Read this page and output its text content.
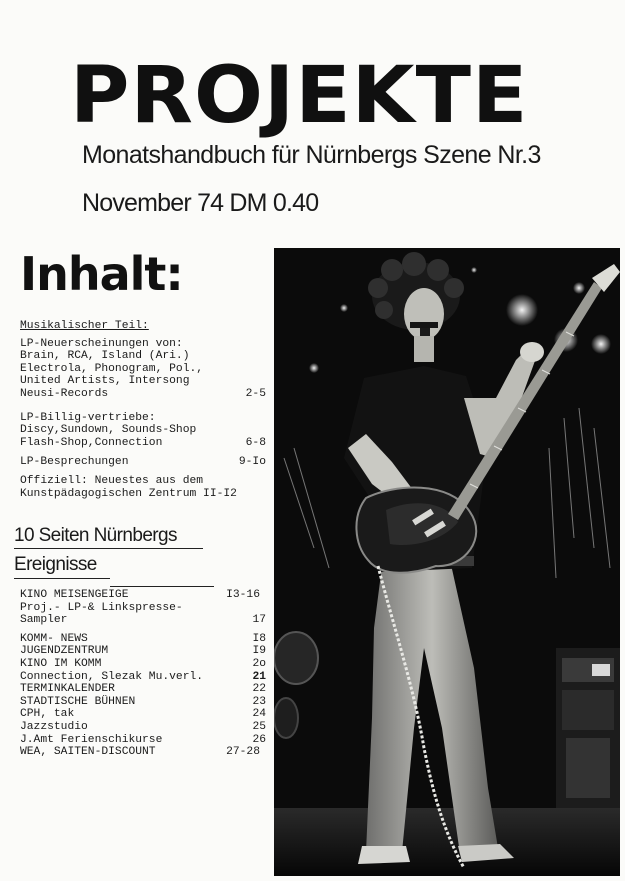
PROJEKTE
Monatshandbuch für Nürnbergs Szene Nr.3
November 74 DM 0.40
Inhalt:
Musikalischer Teil:
LP-Neuerscheinungen von:
Brain, RCA, Island (Ari.)
Electrola, Phonogram, Pol.,
United Artists, Intersong
Neusi-Records	2-5
LP-Billig-vertriebe:
Discy,Sundown, Sounds-Shop
Flash-Shop,Connection	6-8
LP-Besprechungen	9-Io
Offiziell: Neuestes aus dem
Kunstpädagogischen Zentrum II-I2
10 Seiten Nürnbergs
Ereignisse
KINO MEISENGEIGE	I3-16
Proj.- LP-& Linkspresse-
Sampler	17
KOMM- NEWS	I8
JUGENDZENTRUM	I9
KINO IM KOMM	2o
Connection, Slezak Mu.verl.	21
TERMINKALENDER	22
STADTISCHE BÜHNEN	23
CPH, tak	24
Jazzstudio	25
J.Amt Ferienschikurse	26
WEA, SAITEN-DISCOUNT	27-28
